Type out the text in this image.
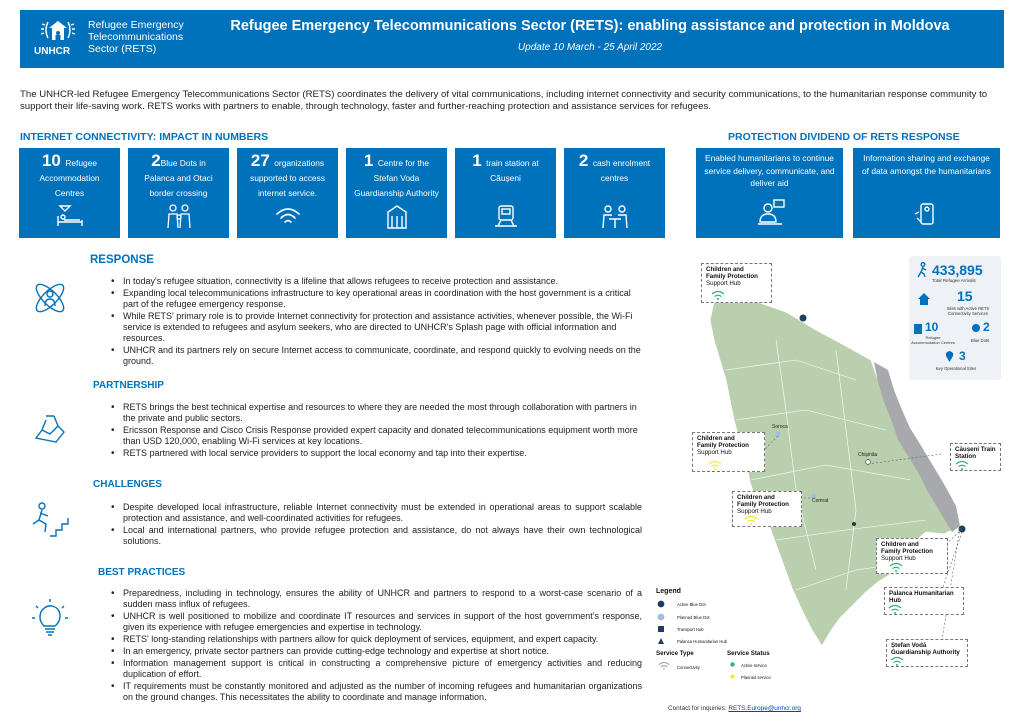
UNHCR
Refugee Emergency
Telecommunications
Sector (RETS)
Refugee Emergency Telecommunications Sector (RETS): enabling assistance and protection in Moldova
Update 10 March - 25 April 2022
The UNHCR-led Refugee Emergency Telecommunications Sector (RETS) coordinates the delivery of vital communications, including internet connectivity and security communications, to the humanitarian response community to support their life-saving work. RETS works with partners to enable, through technology, faster and further-reaching protection and assistance services for refugees.
INTERNET CONNECTIVITY: IMPACT IN NUMBERS
10 Refugee
Accommodation
Centres
2Blue Dots in
Palanca and Otaci
border crossing
27 organizations
supported to access
internet service.
1 Centre for the
Stefan Voda
Guardianship Authority
1 train station at
Căușeni
2 cash enrolment
centres
PROTECTION DIVIDEND OF RETS RESPONSE
Enabled humanitarians to continue
service delivery, communicate, and
deliver aid
Information sharing and exchange
of data amongst the humanitarians
RESPONSE
• In today's refugee situation, connectivity is a lifeline that allows refugees to receive protection and assistance.
• Expanding local telecommunications infrastructure to key operational areas in coordination with the host government is a critical part of the refugee emergency response.
• While RETS' primary role is to provide Internet connectivity for protection and assistance activities, whenever possible, the Wi-Fi service is extended to refugees and asylum seekers, who are directed to UNHCR's Splash page with official information and resources.
• UNHCR and its partners rely on secure Internet access to communicate, coordinate, and respond quickly to evolving needs on the ground.
PARTNERSHIP
• RETS brings the best technical expertise and resources to where they are needed the most through collaboration with partners in the private and public sectors.
• Ericsson Response and Cisco Crisis Response provided expert capacity and donated telecommunications equipment worth more than USD 120,000, enabling Wi-Fi services at key locations.
• RETS partnered with local service providers to support the local economy and tap into their expertise.
CHALLENGES
• Despite developed local infrastructure, reliable Internet connectivity must be extended in operational areas to support scalable protection and assistance, and well-coordinated activities for refugees.
• Local and international partners, who provide refugee protection and assistance, do not always have their own technological solutions.
BEST PRACTICES
• Preparedness, including in technology, ensures the ability of UNHCR and partners to respond to a worst-case scenario of a sudden mass influx of refugees.
• UNHCR is well positioned to mobilize and coordinate IT resources and services in support of the host government's response, given its experience with refugee emergencies and expertise in technology.
• RETS' long-standing relationships with partners allow for quick deployment of services, equipment, and expert capacity.
• In an emergency, private sector partners can provide cutting-edge technology and expertise at short notice.
• Information management support is critical in constructing a comprehensive picture of emergency activities and reducing duplication of effort.
• IT requirements must be constantly monitored and adjusted as the number of incoming refugees and humanitarian organizations on the ground changes. This necessitates the ability to coordinate and manage information.
Soroca
Chișinău
Comrat
Children and
Family Protection
Support Hub
Children and
Family Protection
Support Hub
Children and
Family Protection
Support Hub
Children and
Family Protection
Support Hub
Căușeni Train
Station
Palanca Humanitarian
Hub
Ștefan Vodă
Guardianship Authority
433,895
Total Refugee Arrivals
15
Sites with Active RETS Connectivity Services
10
Refugee Accommodation Centres
2
Blue Dots
3
Key Operational Sites
Legend
Active Blue Dot
Planned Blue Dot
Transport Hub
Palanca Humanitarian Hub
Service Type
Connectivity
Service Status
Active service
Planned service
Contact for inquiries: RETS.Europe@unhcr.org
